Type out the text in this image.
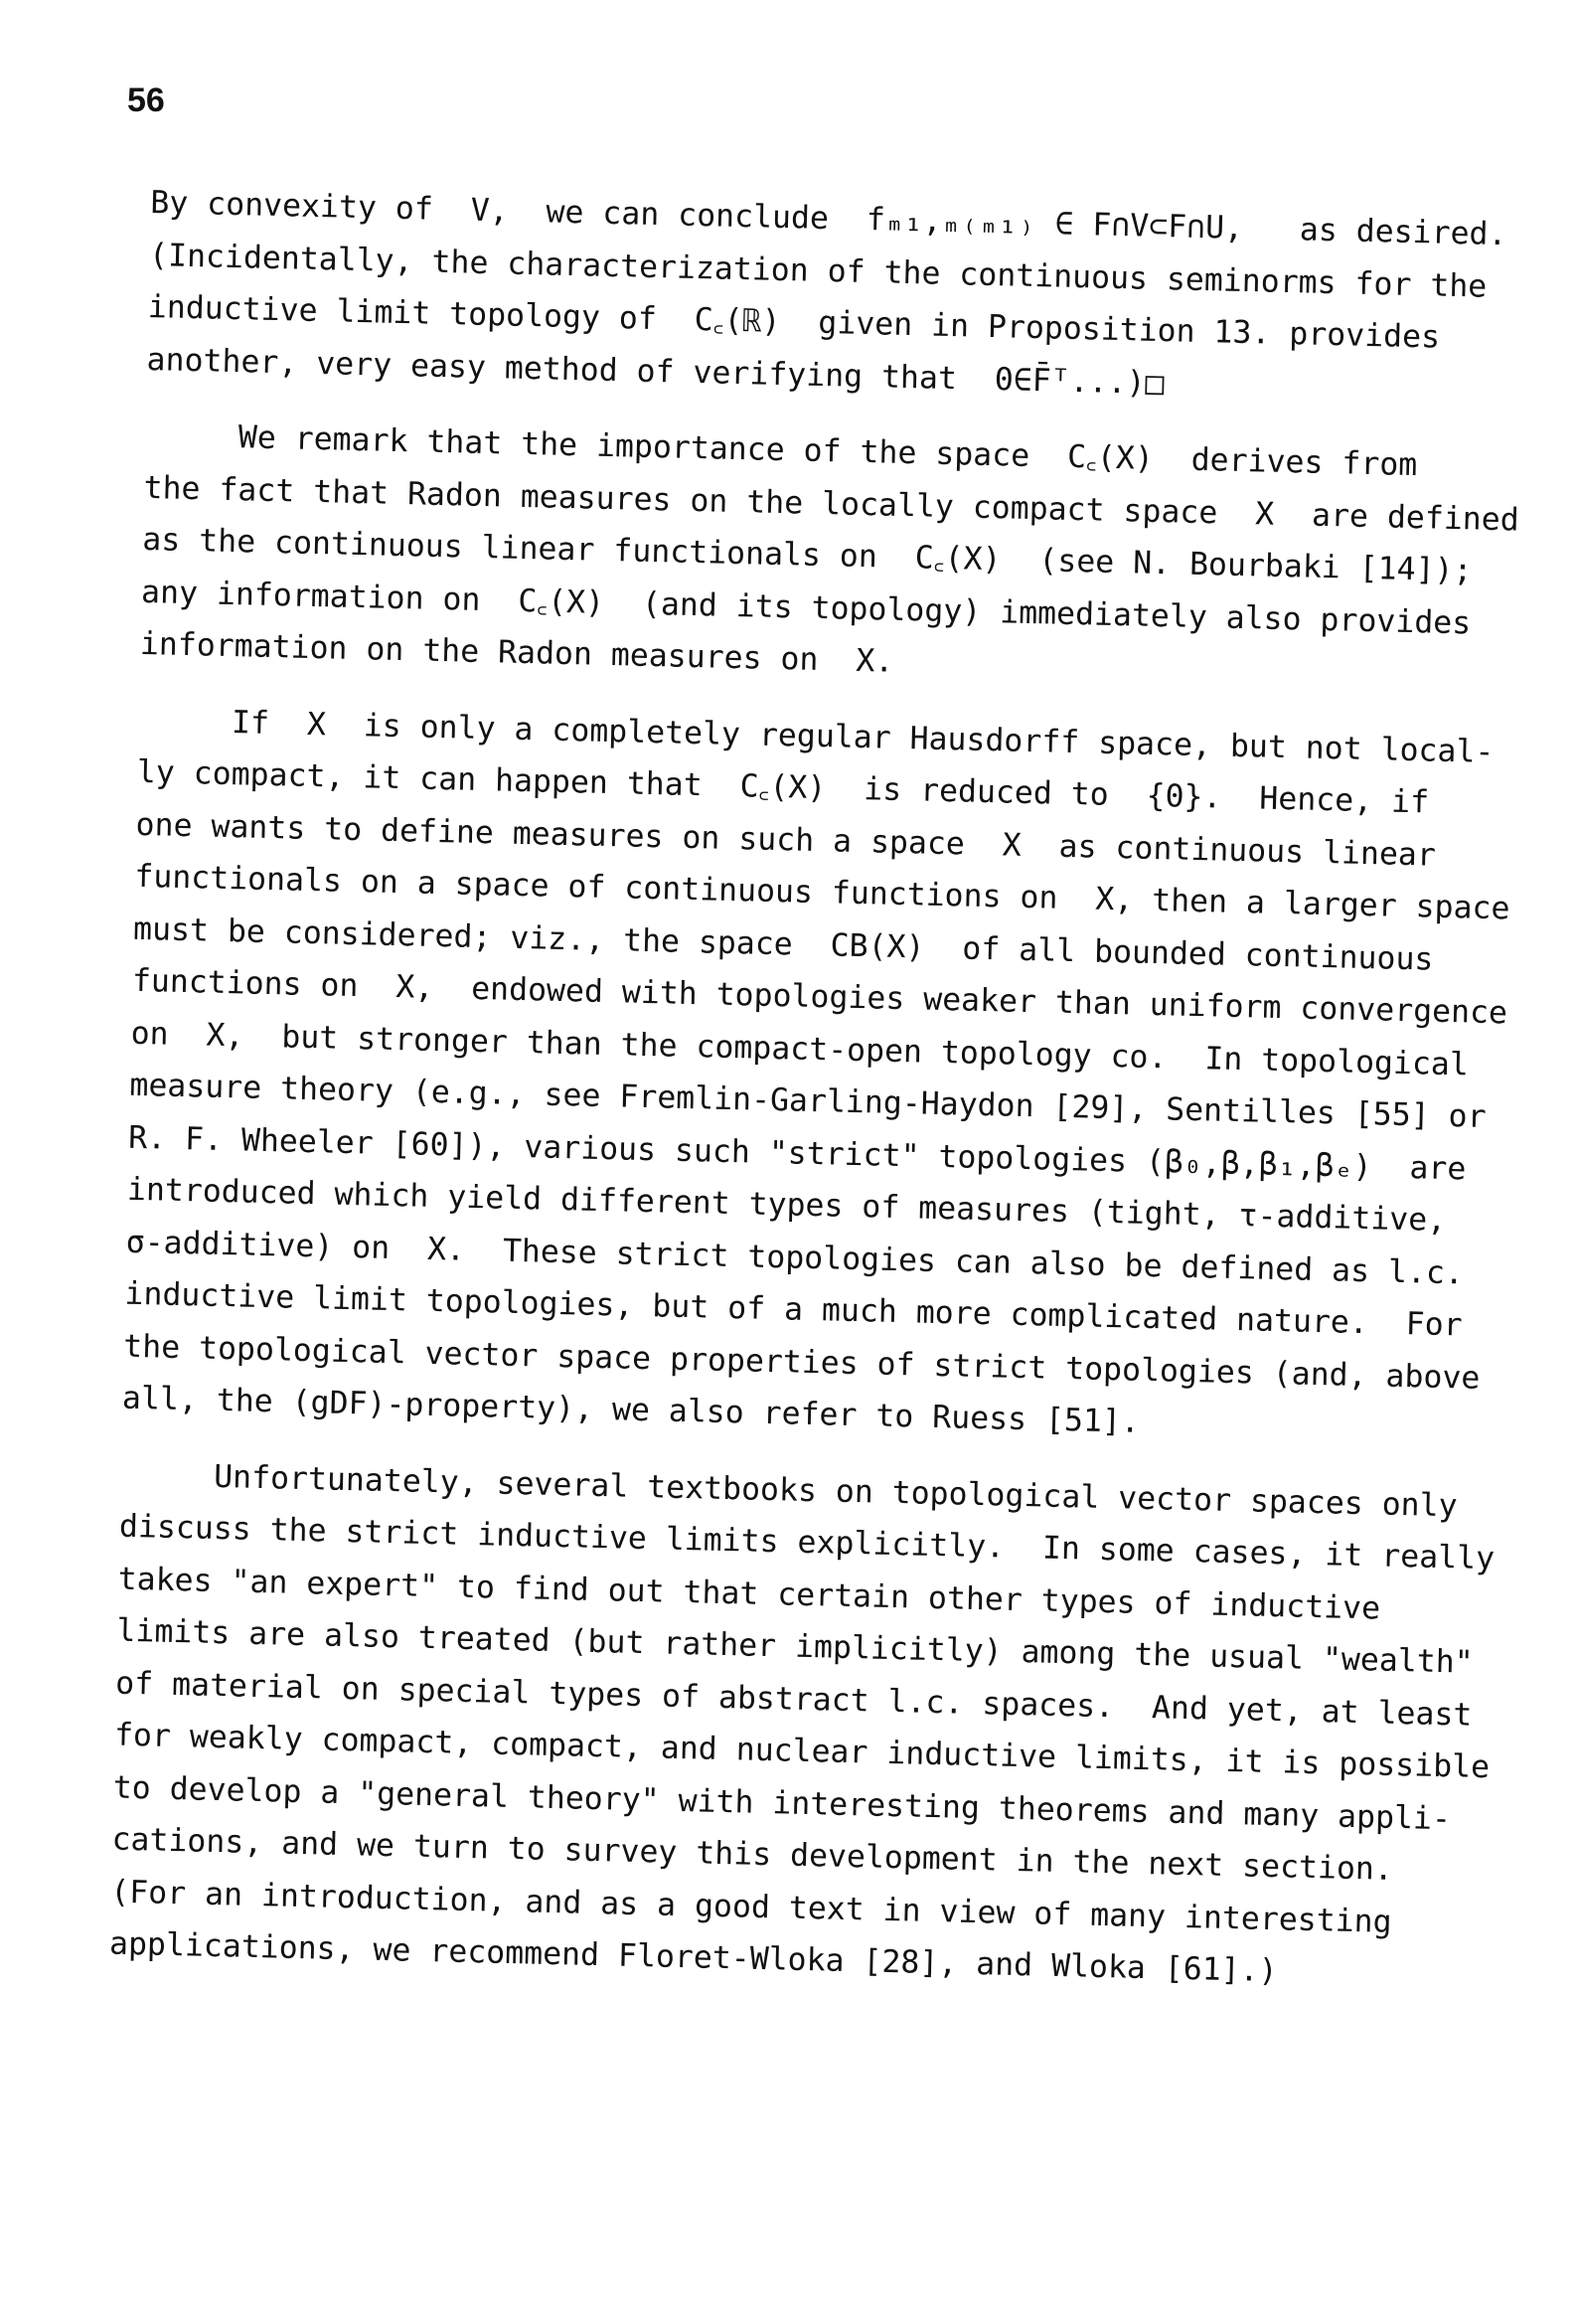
56
By convexity of  V,  we can conclude  fₘ₁,ₘ₍ₘ₁₎ ∈ F∩V⊂F∩U,   as desired.
(Incidentally, the characterization of the continuous seminorms for the
inductive limit topology of  C꜀(ℝ)  given in Proposition 13. provides
another, very easy method of verifying that  0∈F̄ᵀ...)□
We remark that the importance of the space  C꜀(X)  derives from
the fact that Radon measures on the locally compact space  X  are defined
as the continuous linear functionals on  C꜀(X)  (see N. Bourbaki [14]);
any information on  C꜀(X)  (and its topology) immediately also provides
information on the Radon measures on  X.
If  X  is only a completely regular Hausdorff space, but not local-
ly compact, it can happen that  C꜀(X)  is reduced to  {0}.  Hence, if
one wants to define measures on such a space  X  as continuous linear
functionals on a space of continuous functions on  X, then a larger space
must be considered; viz., the space  CB(X)  of all bounded continuous
functions on  X,  endowed with topologies weaker than uniform convergence
on  X,  but stronger than the compact-open topology co.  In topological
measure theory (e.g., see Fremlin-Garling-Haydon [29], Sentilles [55] or
R. F. Wheeler [60]), various such "strict" topologies (β₀,β,β₁,βₑ)  are
introduced which yield different types of measures (tight, τ-additive,
σ-additive) on  X.  These strict topologies can also be defined as l.c.
inductive limit topologies, but of a much more complicated nature.  For
the topological vector space properties of strict topologies (and, above
all, the (gDF)-property), we also refer to Ruess [51].
Unfortunately, several textbooks on topological vector spaces only
discuss the strict inductive limits explicitly.  In some cases, it really
takes "an expert" to find out that certain other types of inductive
limits are also treated (but rather implicitly) among the usual "wealth"
of material on special types of abstract l.c. spaces.  And yet, at least
for weakly compact, compact, and nuclear inductive limits, it is possible
to develop a "general theory" with interesting theorems and many appli-
cations, and we turn to survey this development in the next section.
(For an introduction, and as a good text in view of many interesting
applications, we recommend Floret-Wloka [28], and Wloka [61].)
